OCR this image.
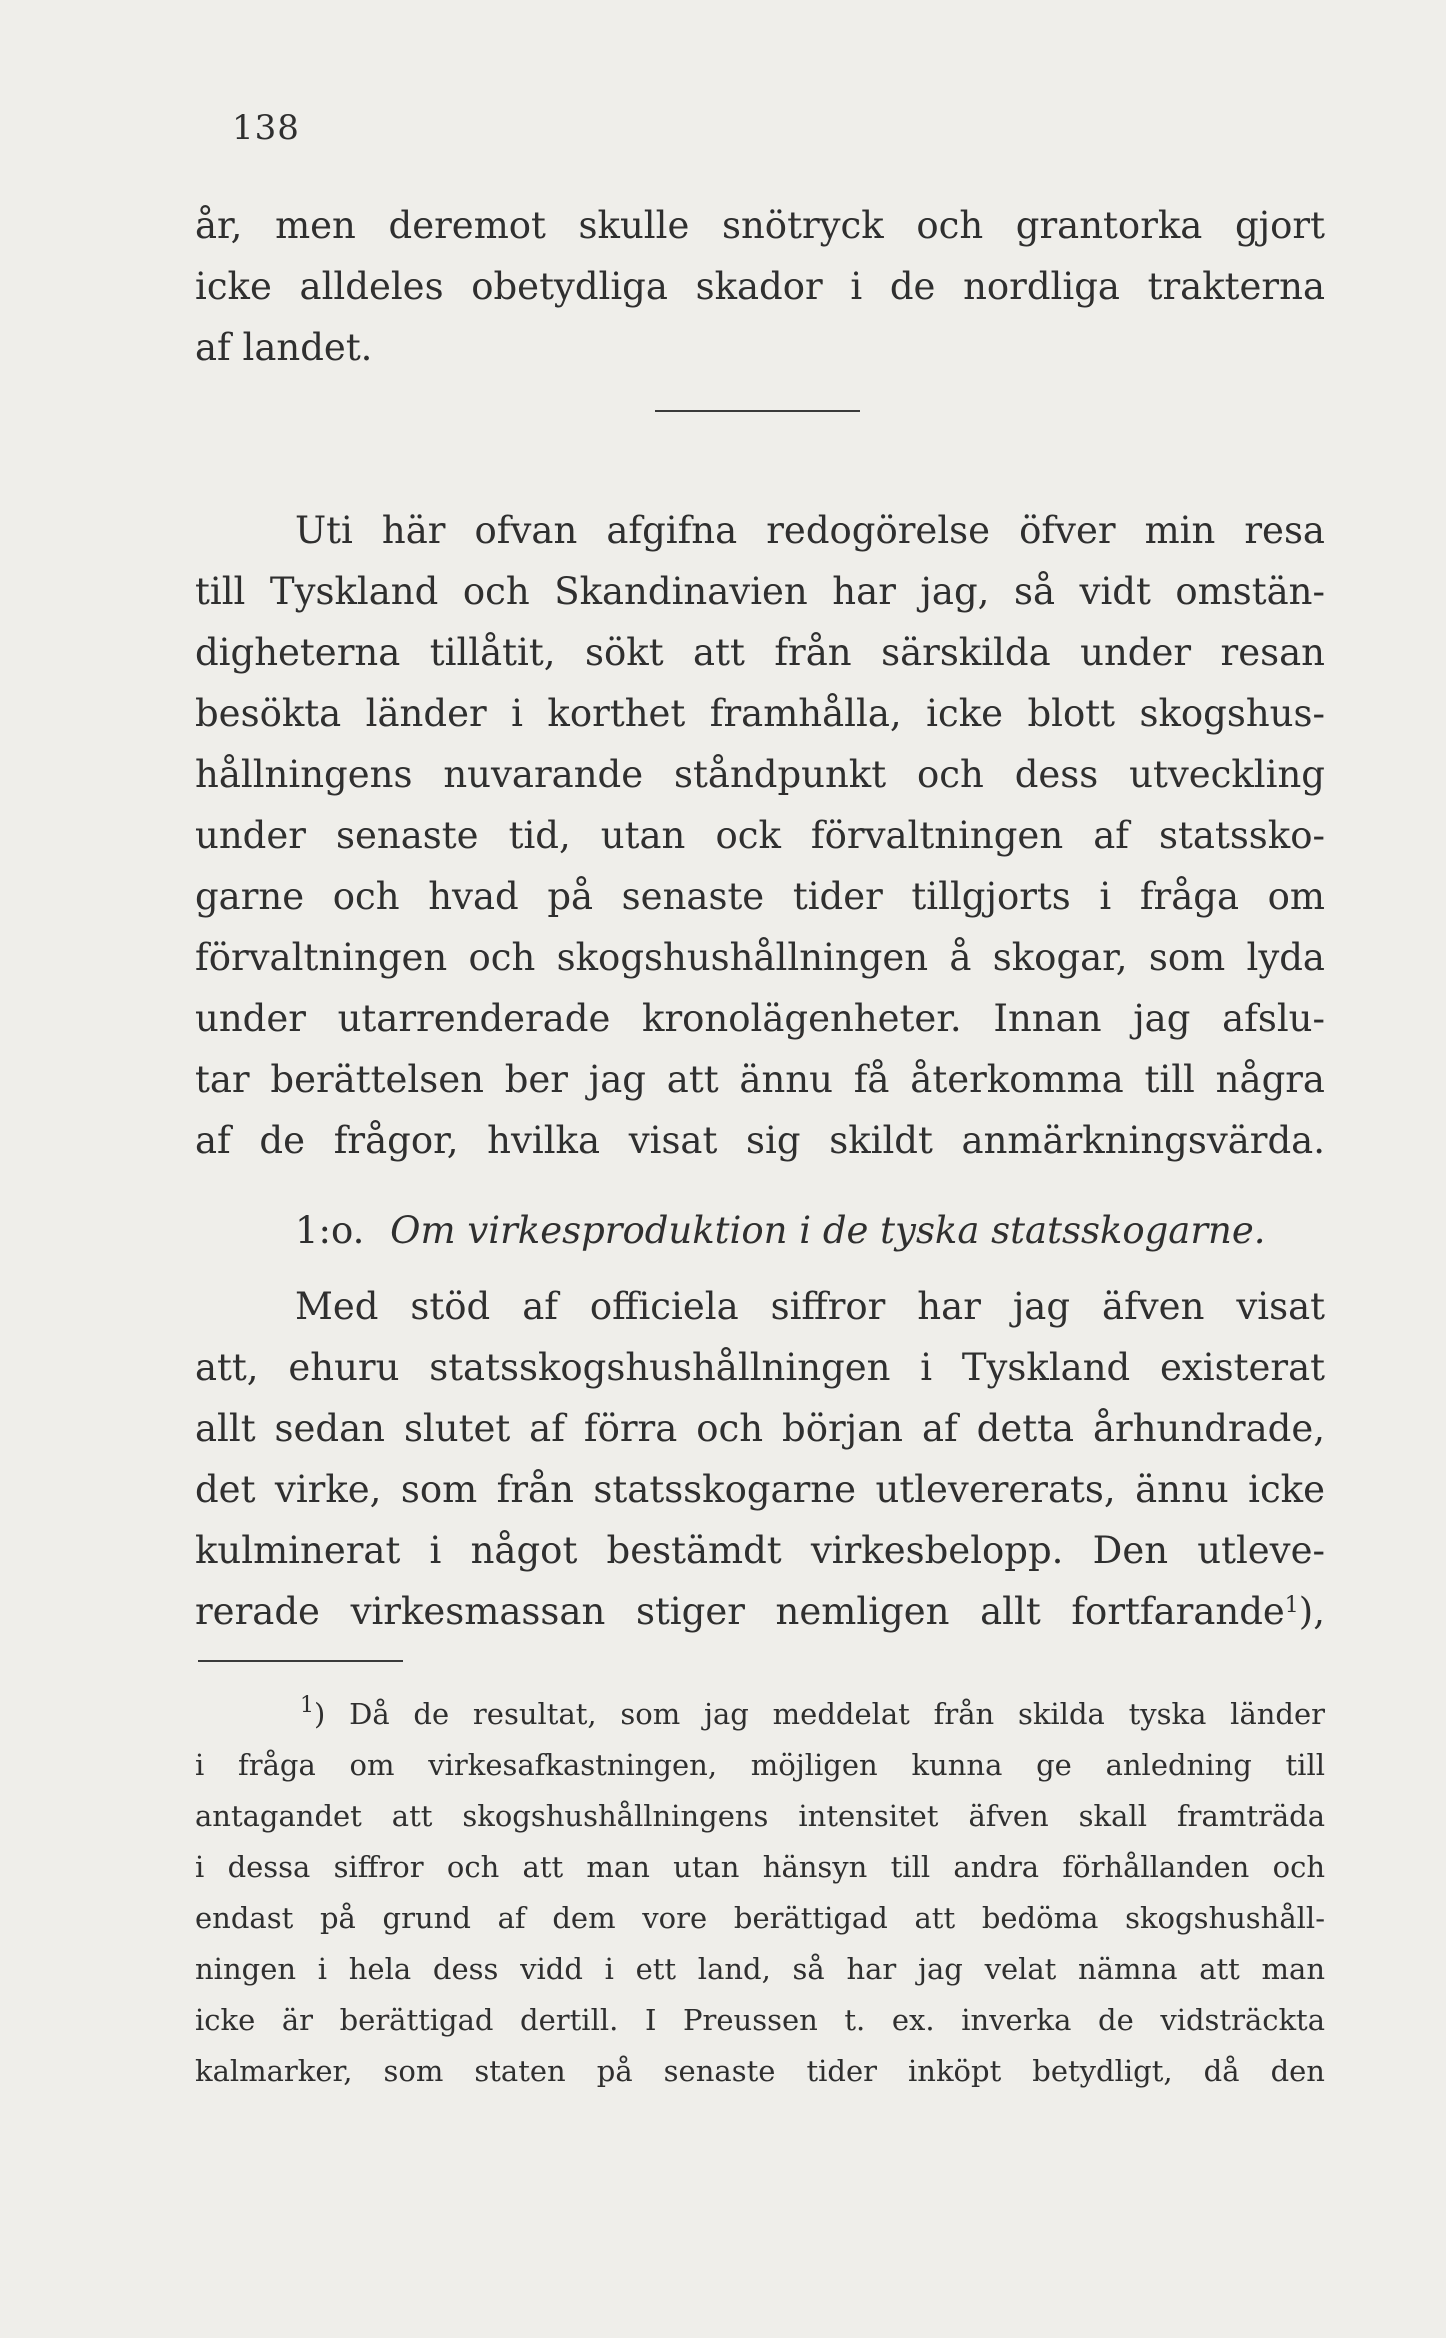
138
år, men deremot skulle snötryck och grantorka gjort
icke alldeles obetydliga skador i de nordliga trakterna
af landet.
Uti här ofvan afgifna redogörelse öfver min resa
till Tyskland och Skandinavien har jag, så vidt omstän-
digheterna tillåtit, sökt att från särskilda under resan
besökta länder i korthet framhålla, icke blott skogshus-
hållningens nuvarande ståndpunkt och dess utveckling
under senaste tid, utan ock förvaltningen af statssko-
garne och hvad på senaste tider tillgjorts i fråga om
förvaltningen och skogshushållningen å skogar, som lyda
under utarrenderade kronolägenheter. Innan jag afslu-
tar berättelsen ber jag att ännu få återkomma till några
af de frågor, hvilka visat sig skildt anmärkningsvärda.
1:o. Om virkesproduktion i de tyska statsskogarne.
Med stöd af officiela siffror har jag äfven visat
att, ehuru statsskogshushållningen i Tyskland existerat
allt sedan slutet af förra och början af detta århundrade,
det virke, som från statsskogarne utlevererats, ännu icke
kulminerat i något bestämdt virkesbelopp. Den utleve-
rerade virkesmassan stiger nemligen allt fortfarande$^1$),
$^1$) Då de resultat, som jag meddelat från skilda tyska länder
i fråga om virkesafkastningen, möjligen kunna ge anledning till
antagandet att skogshushållningens intensitet äfven skall framträda
i dessa siffror och att man utan hänsyn till andra förhållanden och
endast på grund af dem vore berättigad att bedöma skogshushåll-
ningen i hela dess vidd i ett land, så har jag velat nämna att man
icke är berättigad dertill. I Preussen t. ex. inverka de vidsträckta
kalmarker, som staten på senaste tider inköpt betydligt, då den
